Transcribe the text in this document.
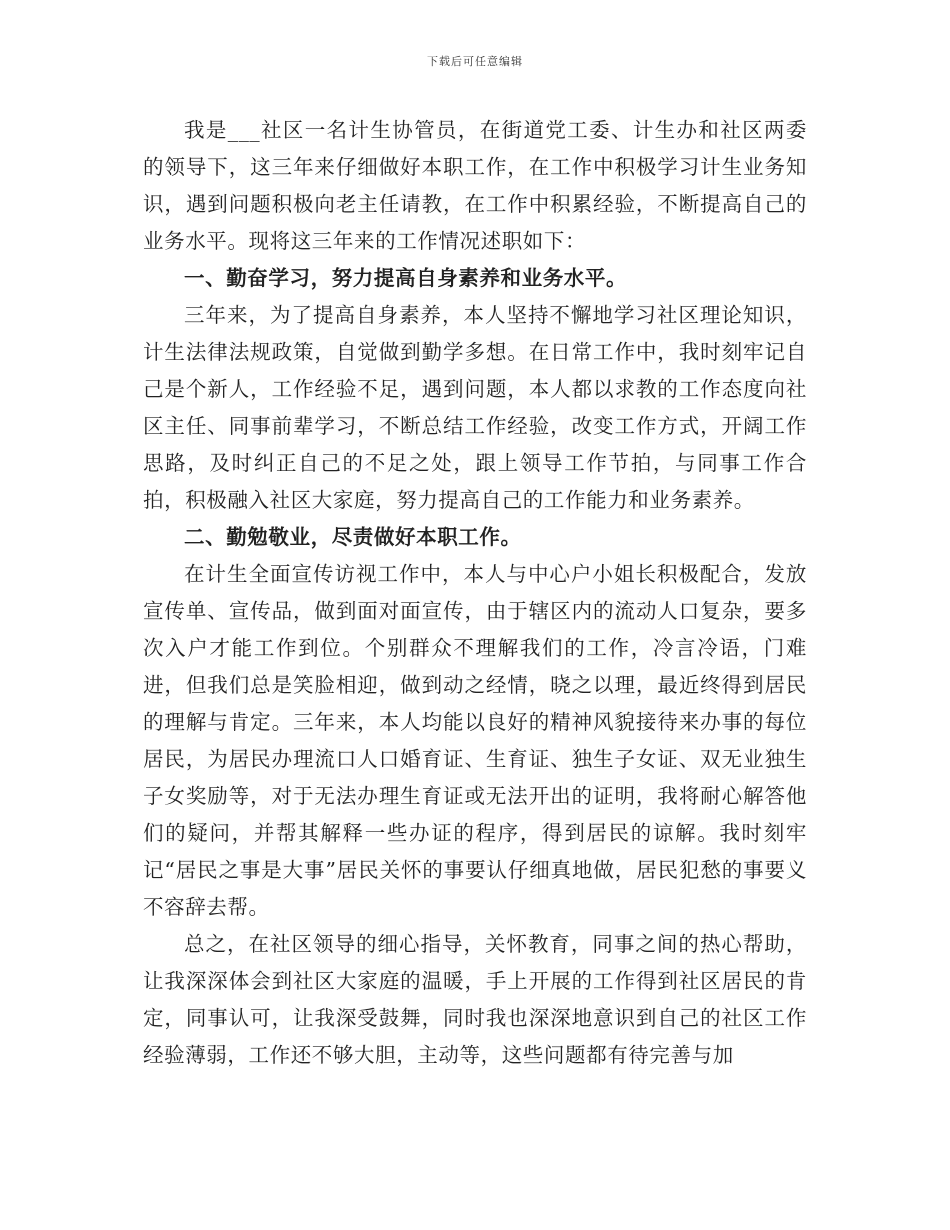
下载后可任意编辑

我是___社区一名计生协管员，在街道党工委、计生办和社区两委的领导下，这三年来仔细做好本职工作，在工作中积极学习计生业务知识，遇到问题积极向老主任请教，在工作中积累经验，不断提高自己的业务水平。现将这三年来的工作情况述职如下：

一、勤奋学习，努力提高自身素养和业务水平。

三年来，为了提高自身素养，本人坚持不懈地学习社区理论知识，计生法律法规政策，自觉做到勤学多想。在日常工作中，我时刻牢记自己是个新人，工作经验不足，遇到问题，本人都以求教的工作态度向社区主任、同事前辈学习，不断总结工作经验，改变工作方式，开阔工作思路，及时纠正自己的不足之处，跟上领导工作节拍，与同事工作合拍，积极融入社区大家庭，努力提高自己的工作能力和业务素养。

二、勤勉敬业，尽责做好本职工作。

在计生全面宣传访视工作中，本人与中心户小姐长积极配合，发放宣传单、宣传品，做到面对面宣传，由于辖区内的流动人口复杂，要多次入户才能工作到位。个别群众不理解我们的工作，冷言冷语，门难进，但我们总是笑脸相迎，做到动之经情，晓之以理，最近终得到居民的理解与肯定。三年来，本人均能以良好的精神风貌接待来办事的每位居民，为居民办理流口人口婚育证、生育证、独生子女证、双无业独生子女奖励等，对于无法办理生育证或无法开出的证明，我将耐心解答他们的疑问，并帮其解释一些办证的程序，得到居民的谅解。我时刻牢记“居民之事是大事”居民关怀的事要认仔细真地做，居民犯愁的事要义不容辞去帮。

总之，在社区领导的细心指导，关怀教育，同事之间的热心帮助，让我深深体会到社区大家庭的温暖，手上开展的工作得到社区居民的肯定，同事认可，让我深受鼓舞，同时我也深深地意识到自己的社区工作经验薄弱，工作还不够大胆，主动等，这些问题都有待完善与加
